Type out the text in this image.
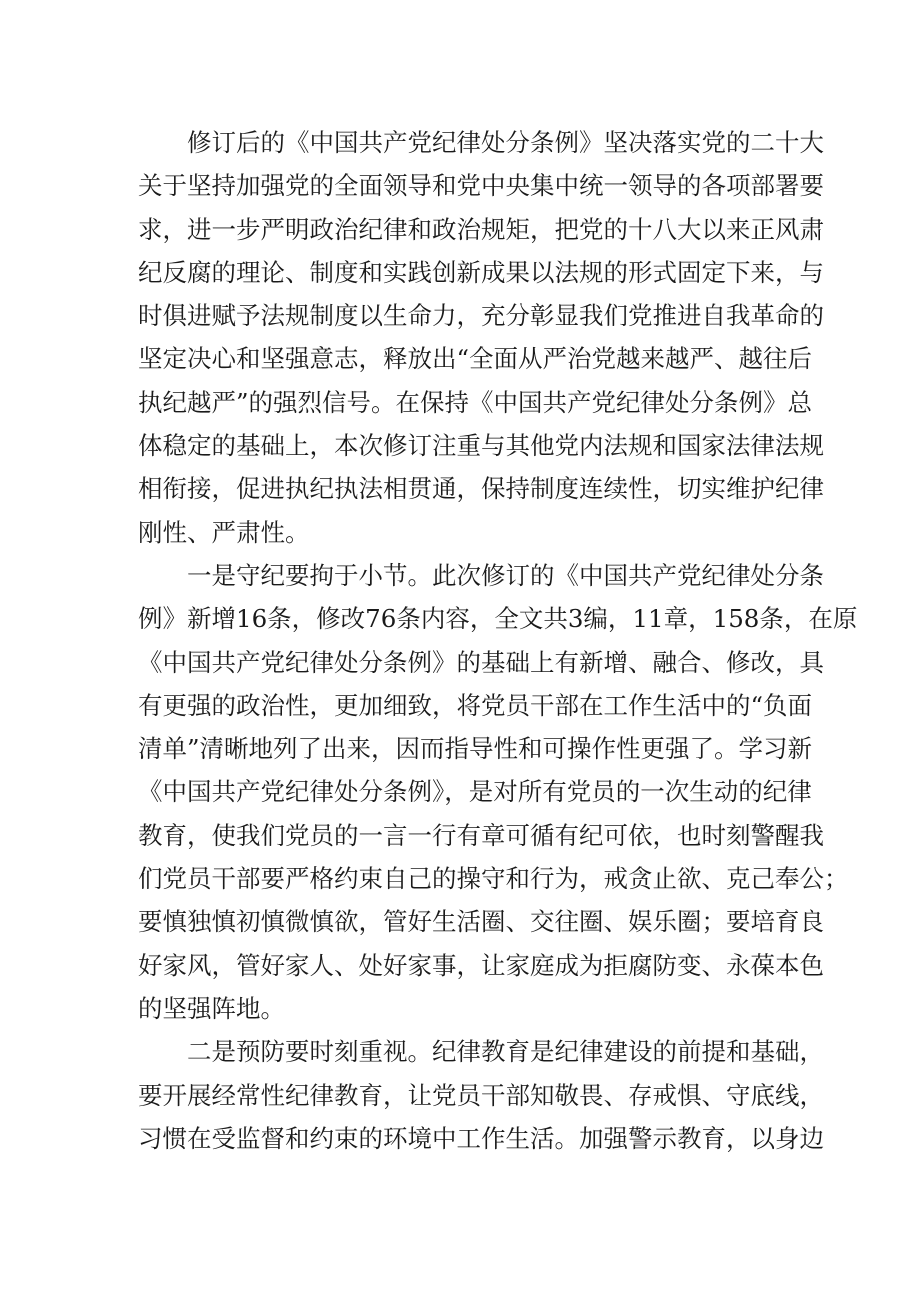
修订后的《中国共产党纪律处分条例》坚决落实党的二十大
关于坚持加强党的全面领导和党中央集中统一领导的各项部署要
求，进一步严明政治纪律和政治规矩，把党的十八大以来正风肃
纪反腐的理论、制度和实践创新成果以法规的形式固定下来，与
时俱进赋予法规制度以生命力，充分彰显我们党推进自我革命的
坚定决心和坚强意志，释放出“全面从严治党越来越严、越往后
执纪越严”的强烈信号。在保持《中国共产党纪律处分条例》总
体稳定的基础上，本次修订注重与其他党内法规和国家法律法规
相衔接，促进执纪执法相贯通，保持制度连续性，切实维护纪律
刚性、严肃性。
一是守纪要拘于小节。此次修订的《中国共产党纪律处分条
例》新增16条，修改76条内容，全文共3编，11章，158条，在原
《中国共产党纪律处分条例》的基础上有新增、融合、修改，具
有更强的政治性，更加细致，将党员干部在工作生活中的“负面
清单”清晰地列了出来，因而指导性和可操作性更强了。学习新
《中国共产党纪律处分条例》，是对所有党员的一次生动的纪律
教育，使我们党员的一言一行有章可循有纪可依，也时刻警醒我
们党员干部要严格约束自己的操守和行为，戒贪止欲、克己奉公；
要慎独慎初慎微慎欲，管好生活圈、交往圈、娱乐圈；要培育良
好家风，管好家人、处好家事，让家庭成为拒腐防变、永葆本色
的坚强阵地。
二是预防要时刻重视。纪律教育是纪律建设的前提和基础，
要开展经常性纪律教育，让党员干部知敬畏、存戒惧、守底线，
习惯在受监督和约束的环境中工作生活。加强警示教育，以身边
